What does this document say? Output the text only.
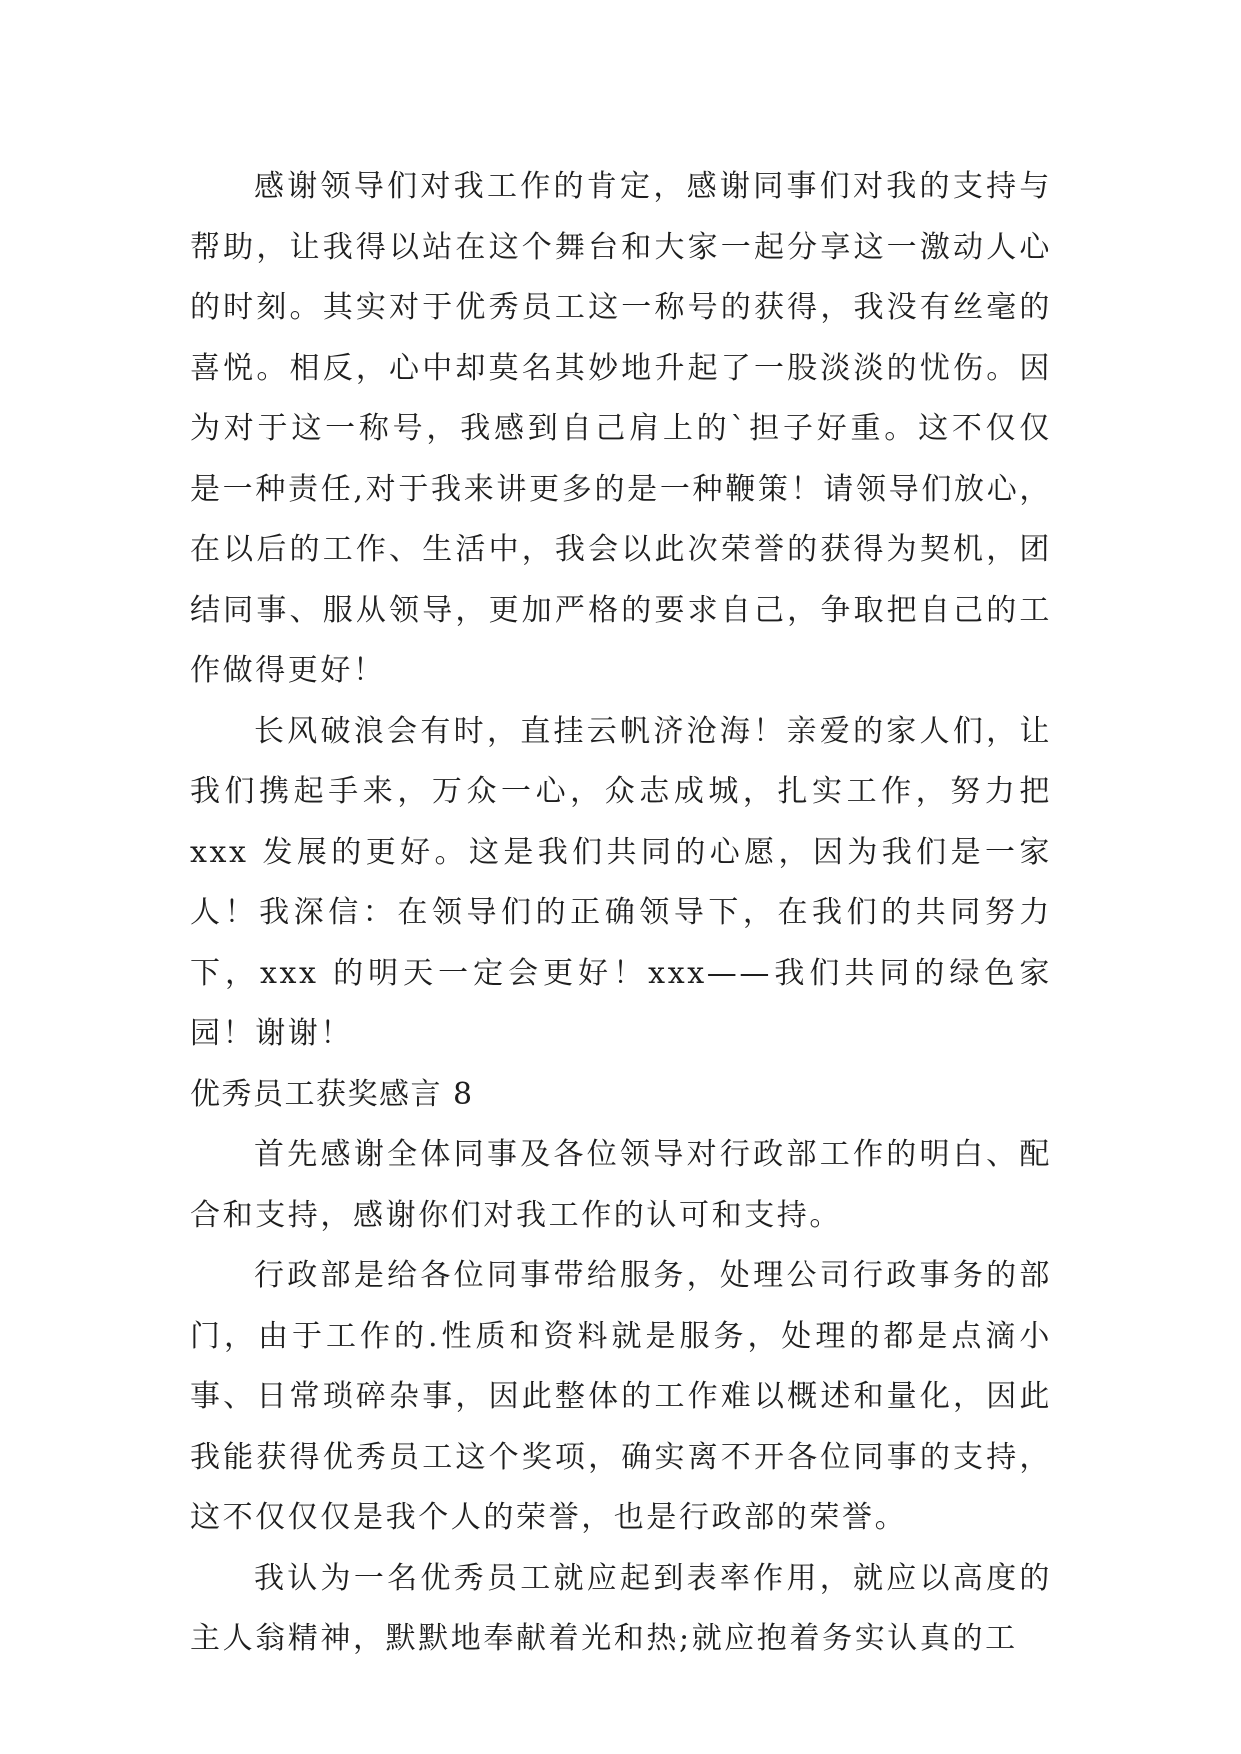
感谢领导们对我工作的肯定，感谢同事们对我的支持与帮助，让我得以站在这个舞台和大家一起分享这一激动人心的时刻。其实对于优秀员工这一称号的获得，我没有丝毫的喜悦。相反，心中却莫名其妙地升起了一股淡淡的忧伤。因为对于这一称号，我感到自己肩上的`担子好重。这不仅仅是一种责任,对于我来讲更多的是一种鞭策！请领导们放心，在以后的工作、生活中，我会以此次荣誉的获得为契机，团结同事、服从领导，更加严格的要求自己，争取把自己的工作做得更好！

长风破浪会有时，直挂云帆济沧海！亲爱的家人们，让我们携起手来，万众一心，众志成城，扎实工作，努力把 xxx 发展的更好。这是我们共同的心愿，因为我们是一家人！我深信：在领导们的正确领导下，在我们的共同努力下，xxx 的明天一定会更好！xxx——我们共同的绿色家园！谢谢！

优秀员工获奖感言 8

首先感谢全体同事及各位领导对行政部工作的明白、配合和支持，感谢你们对我工作的认可和支持。

行政部是给各位同事带给服务，处理公司行政事务的部门，由于工作的.性质和资料就是服务，处理的都是点滴小事、日常琐碎杂事，因此整体的工作难以概述和量化，因此我能获得优秀员工这个奖项，确实离不开各位同事的支持，这不仅仅仅是我个人的荣誉，也是行政部的荣誉。

我认为一名优秀员工就应起到表率作用，就应以高度的主人翁精神，默默地奉献着光和热;就应抱着务实认真的工
